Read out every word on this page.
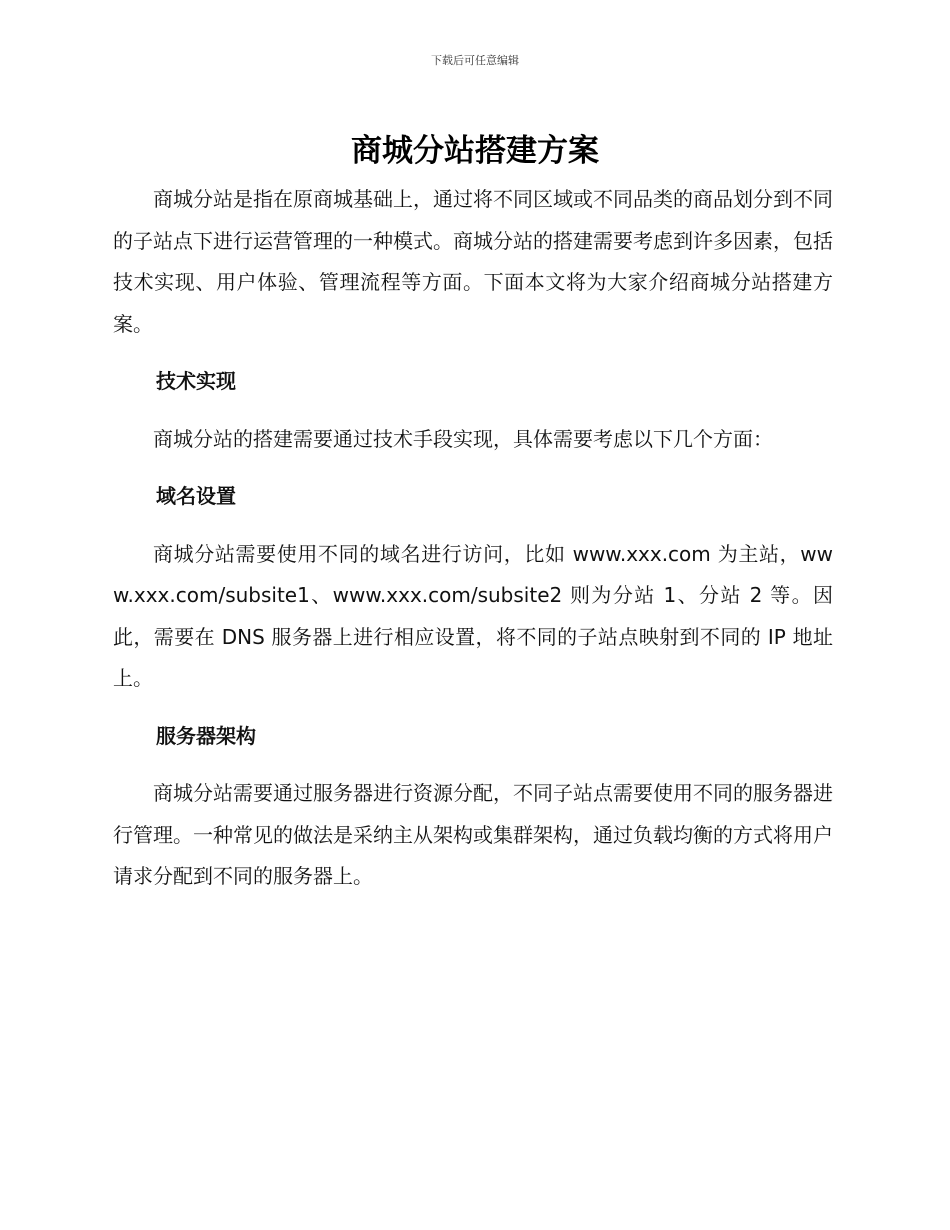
下载后可任意编辑
商城分站搭建方案

商城分站是指在原商城基础上，通过将不同区域或不同品类的商品划分到不同的子站点下进行运营管理的一种模式。商城分站的搭建需要考虑到许多因素，包括技术实现、用户体验、管理流程等方面。下面本文将为大家介绍商城分站搭建方案。

技术实现

商城分站的搭建需要通过技术手段实现，具体需要考虑以下几个方面：

域名设置

商城分站需要使用不同的域名进行访问，比如 www.xxx.com 为主站，www.xxx.com/subsite1、www.xxx.com/subsite2 则为分站 1、分站 2 等。因此，需要在 DNS 服务器上进行相应设置，将不同的子站点映射到不同的 IP 地址上。

服务器架构

商城分站需要通过服务器进行资源分配，不同子站点需要使用不同的服务器进行管理。一种常见的做法是采纳主从架构或集群架构，通过负载均衡的方式将用户请求分配到不同的服务器上。
